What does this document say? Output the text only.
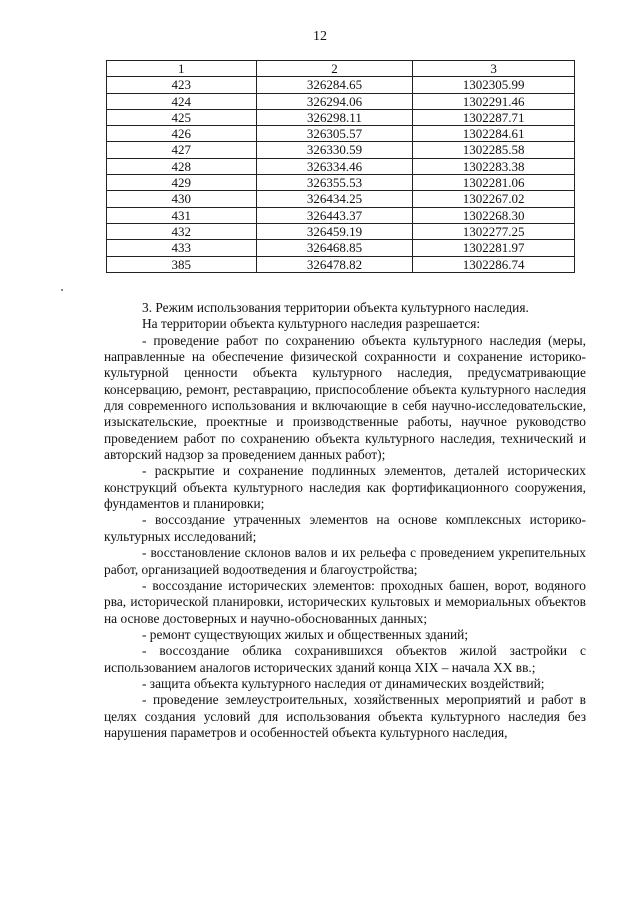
12
1	2	3
423	326284.65	1302305.99
424	326294.06	1302291.46
425	326298.11	1302287.71
426	326305.57	1302284.61
427	326330.59	1302285.58
428	326334.46	1302283.38
429	326355.53	1302281.06
430	326434.25	1302267.02
431	326443.37	1302268.30
432	326459.19	1302277.25
433	326468.85	1302281.97
385	326478.82	1302286.74

3. Режим использования территории объекта культурного наследия.

На территории объекта культурного наследия разрешается:

- проведение работ по сохранению объекта культурного наследия (меры, направленные на обеспечение физической сохранности и сохранение историко-культурной ценности объекта культурного наследия, предусматривающие консервацию, ремонт, реставрацию, приспособление объекта культурного наследия для современного использования и включающие в себя научно-исследовательские, изыскательские, проектные и производственные работы, научное руководство проведением работ по сохранению объекта культурного наследия, технический и авторский надзор за проведением данных работ);

- раскрытие и сохранение подлинных элементов, деталей исторических конструкций объекта культурного наследия как фортификационного сооружения, фундаментов и планировки;

- воссоздание утраченных элементов на основе комплексных историко-культурных исследований;

- восстановление склонов валов и их рельефа с проведением укрепительных работ, организацией водоотведения и благоустройства;

- воссоздание исторических элементов: проходных башен, ворот, водяного рва, исторической планировки, исторических культовых и мемориальных объектов на основе достоверных и научно-обоснованных данных;

- ремонт существующих жилых и общественных зданий;

- воссоздание облика сохранившихся объектов жилой застройки с использованием аналогов исторических зданий конца XIX – начала XX вв.;

- защита объекта культурного наследия от динамических воздействий;

- проведение землеустроительных, хозяйственных мероприятий и работ в целях создания условий для использования объекта культурного наследия без нарушения параметров и особенностей объекта культурного наследия,
